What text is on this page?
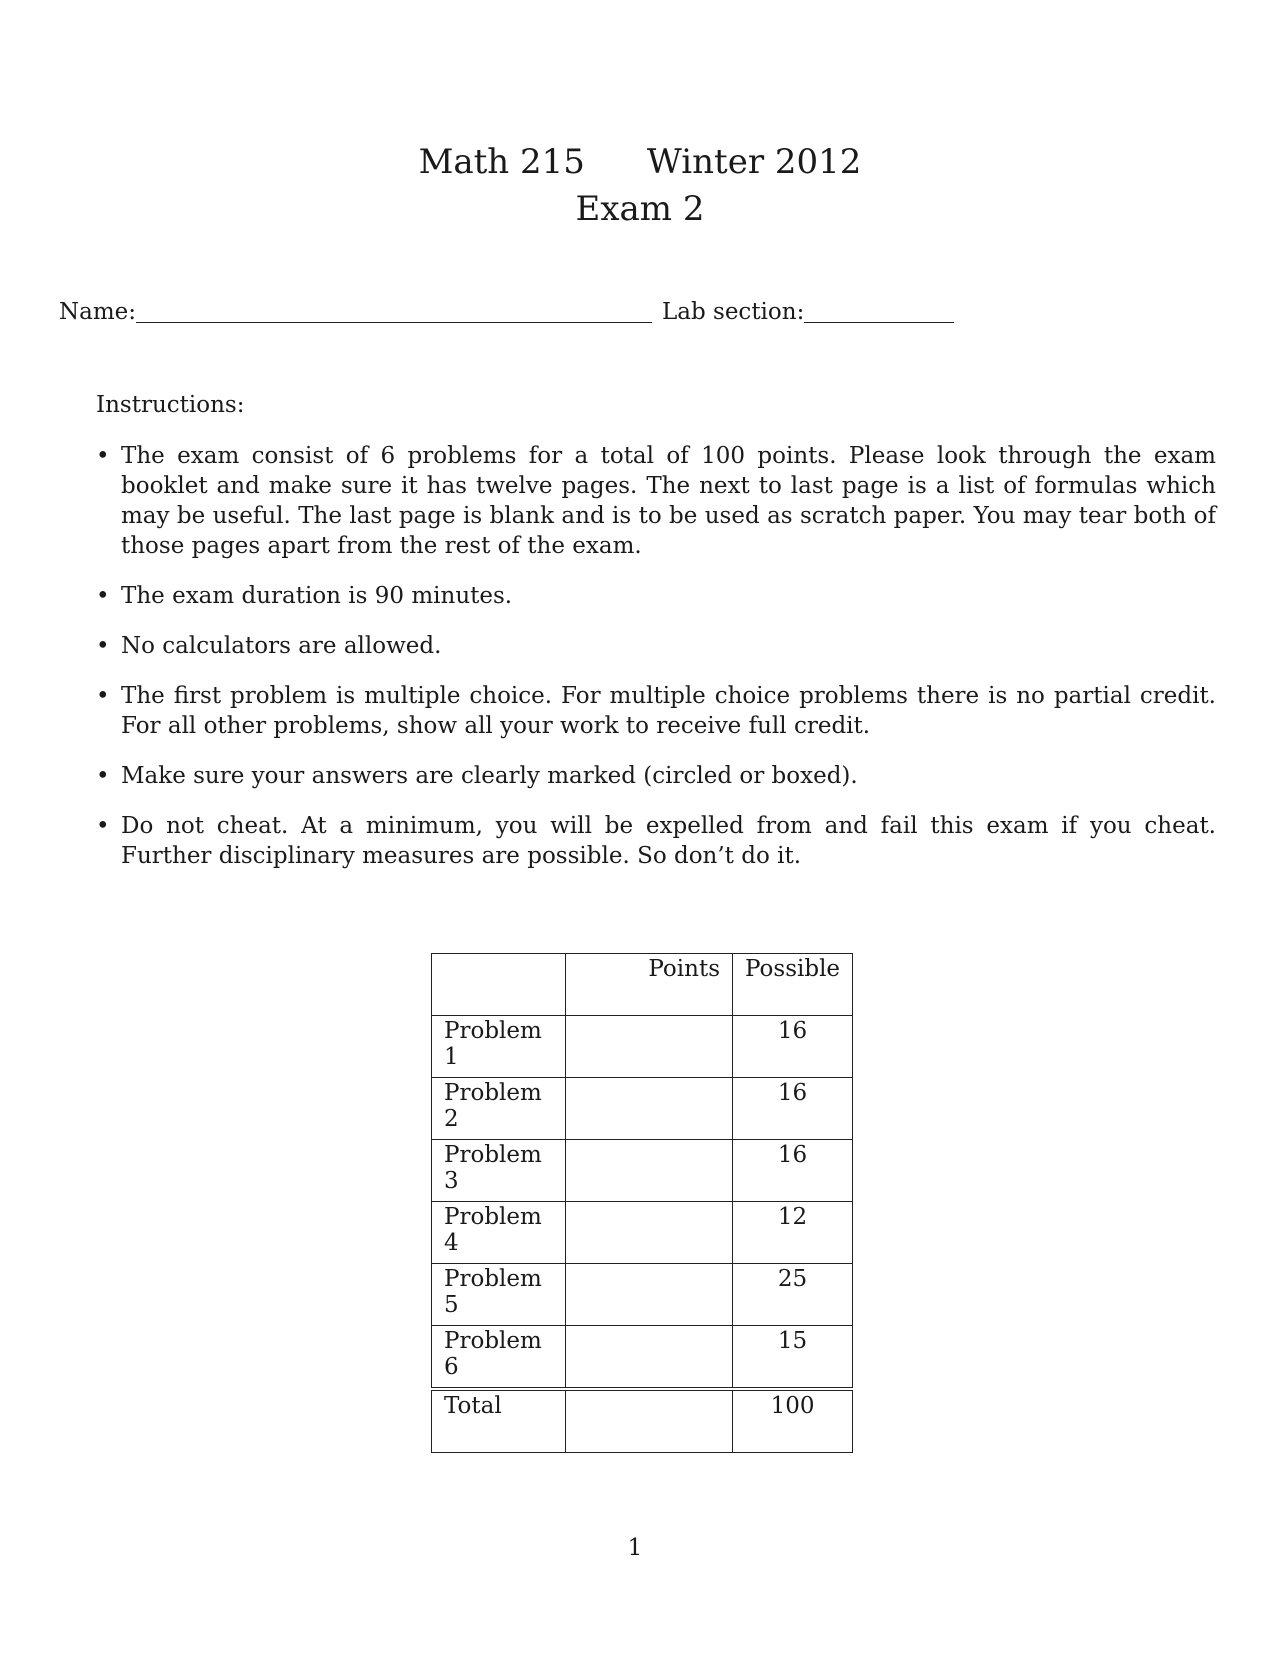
Math 215 Winter 2012
Exam 2
Name:	Lab section:
Instructions:
• The exam consist of 6 problems for a total of 100 points. Please look through the exam booklet and make sure it has twelve pages. The next to last page is a list of formulas which may be useful. The last page is blank and is to be used as scratch paper. You may tear both of those pages apart from the rest of the exam.
• The exam duration is 90 minutes.
• No calculators are allowed.
• The first problem is multiple choice. For multiple choice problems there is no partial credit. For all other problems, show all your work to receive full credit.
• Make sure your answers are clearly marked (circled or boxed).
• Do not cheat. At a minimum, you will be expelled from and fail this exam if you cheat. Further disciplinary measures are possible. So don’t do it.
	Points	Possible
Problem 1		16
Problem 2		16
Problem 3		16
Problem 4		12
Problem 5		25
Problem 6		15
Total		100
1
